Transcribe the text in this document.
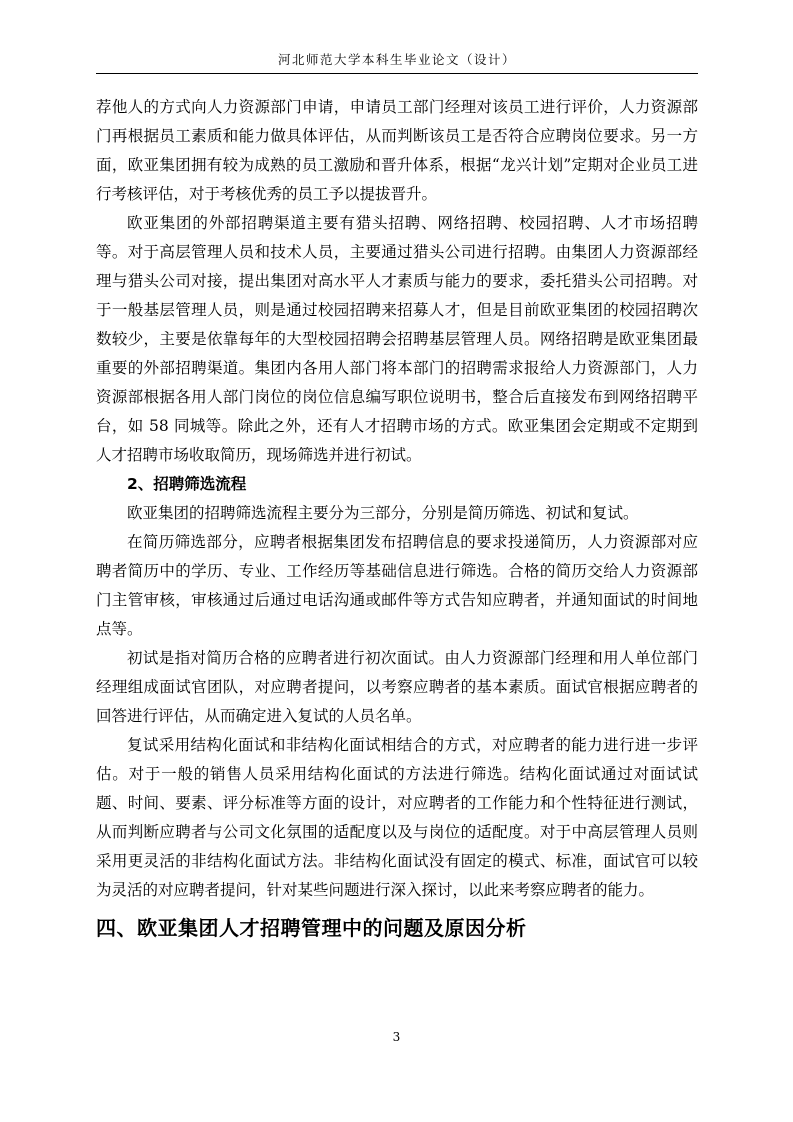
河北师范大学本科生毕业论文（设计）

荐他人的方式向人力资源部门申请，申请员工部门经理对该员工进行评价，人力资源部门再根据员工素质和能力做具体评估，从而判断该员工是否符合应聘岗位要求。另一方面，欧亚集团拥有较为成熟的员工激励和晋升体系，根据“龙兴计划”定期对企业员工进行考核评估，对于考核优秀的员工予以提拔晋升。

欧亚集团的外部招聘渠道主要有猎头招聘、网络招聘、校园招聘、人才市场招聘等。对于高层管理人员和技术人员，主要通过猎头公司进行招聘。由集团人力资源部经理与猎头公司对接，提出集团对高水平人才素质与能力的要求，委托猎头公司招聘。对于一般基层管理人员，则是通过校园招聘来招募人才，但是目前欧亚集团的校园招聘次数较少，主要是依靠每年的大型校园招聘会招聘基层管理人员。网络招聘是欧亚集团最重要的外部招聘渠道。集团内各用人部门将本部门的招聘需求报给人力资源部门，人力资源部根据各用人部门岗位的岗位信息编写职位说明书，整合后直接发布到网络招聘平台，如 58 同城等。除此之外，还有人才招聘市场的方式。欧亚集团会定期或不定期到人才招聘市场收取简历，现场筛选并进行初试。

2、招聘筛选流程

欧亚集团的招聘筛选流程主要分为三部分，分别是简历筛选、初试和复试。

在简历筛选部分，应聘者根据集团发布招聘信息的要求投递简历，人力资源部对应聘者简历中的学历、专业、工作经历等基础信息进行筛选。合格的简历交给人力资源部门主管审核，审核通过后通过电话沟通或邮件等方式告知应聘者，并通知面试的时间地点等。

初试是指对简历合格的应聘者进行初次面试。由人力资源部门经理和用人单位部门经理组成面试官团队，对应聘者提问，以考察应聘者的基本素质。面试官根据应聘者的回答进行评估，从而确定进入复试的人员名单。

复试采用结构化面试和非结构化面试相结合的方式，对应聘者的能力进行进一步评估。对于一般的销售人员采用结构化面试的方法进行筛选。结构化面试通过对面试试题、时间、要素、评分标准等方面的设计，对应聘者的工作能力和个性特征进行测试，从而判断应聘者与公司文化氛围的适配度以及与岗位的适配度。对于中高层管理人员则采用更灵活的非结构化面试方法。非结构化面试没有固定的模式、标准，面试官可以较为灵活的对应聘者提问，针对某些问题进行深入探讨，以此来考察应聘者的能力。

四、欧亚集团人才招聘管理中的问题及原因分析
3
